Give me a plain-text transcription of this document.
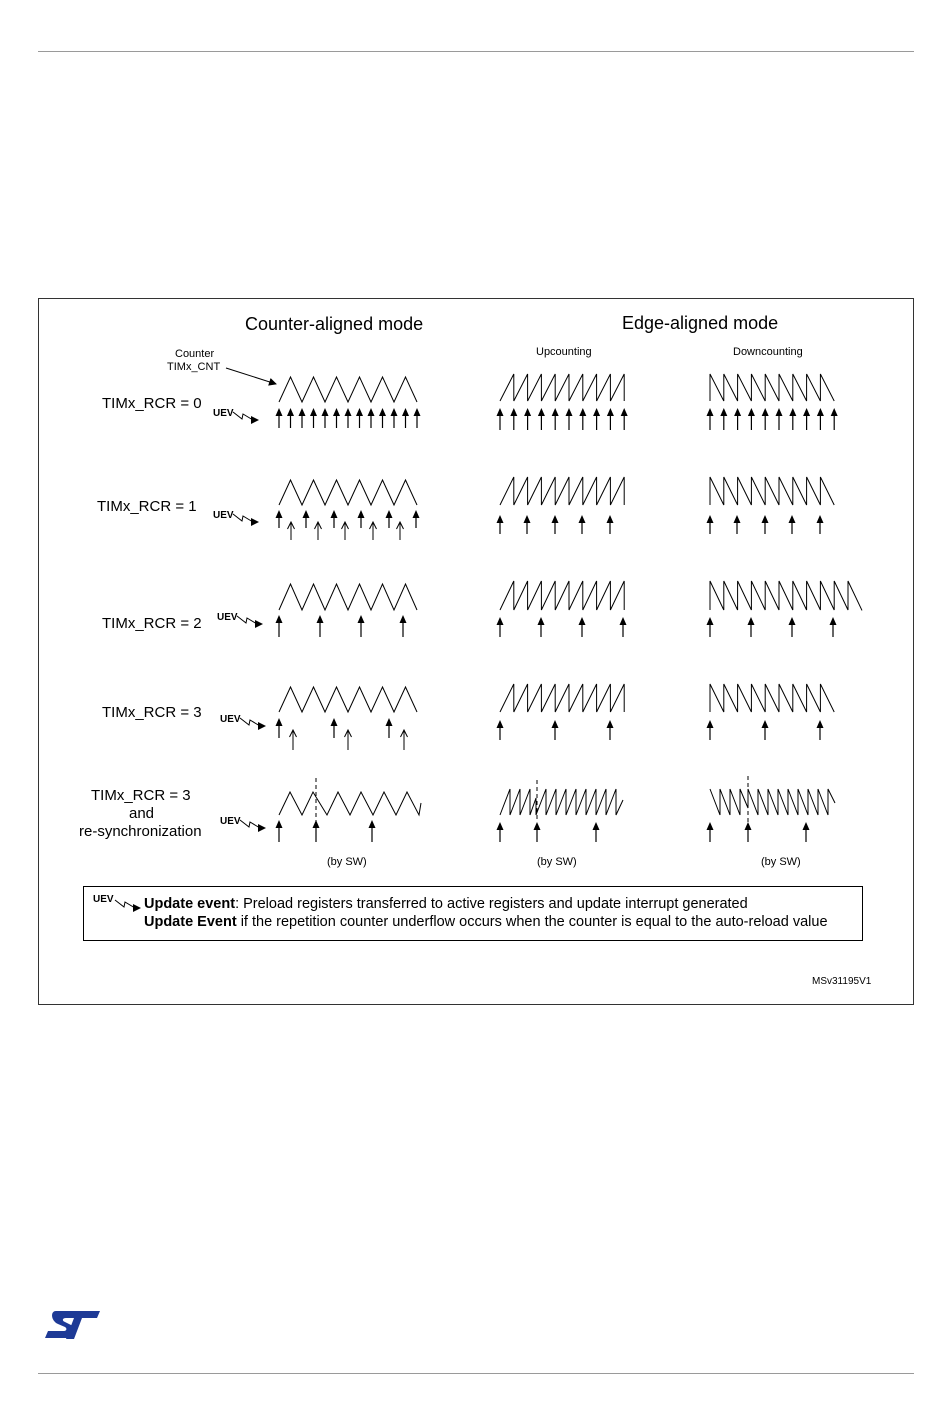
Counter-aligned mode	Edge-aligned mode
Upcounting	Downcounting
Counter
TIMx_CNT
TIMx_RCR = 0
TIMx_RCR = 1
TIMx_RCR = 2
TIMx_RCR = 3
TIMx_RCR = 3
and
re-synchronization
UEV
UEV
UEV
UEV
UEV
(by SW)	(by SW)	(by SW)
UEV Update event: Preload registers transferred to active registers and update interrupt generated
Update Event if the repetition counter underflow occurs when the counter is equal to the auto-reload value
MSv31195V1
